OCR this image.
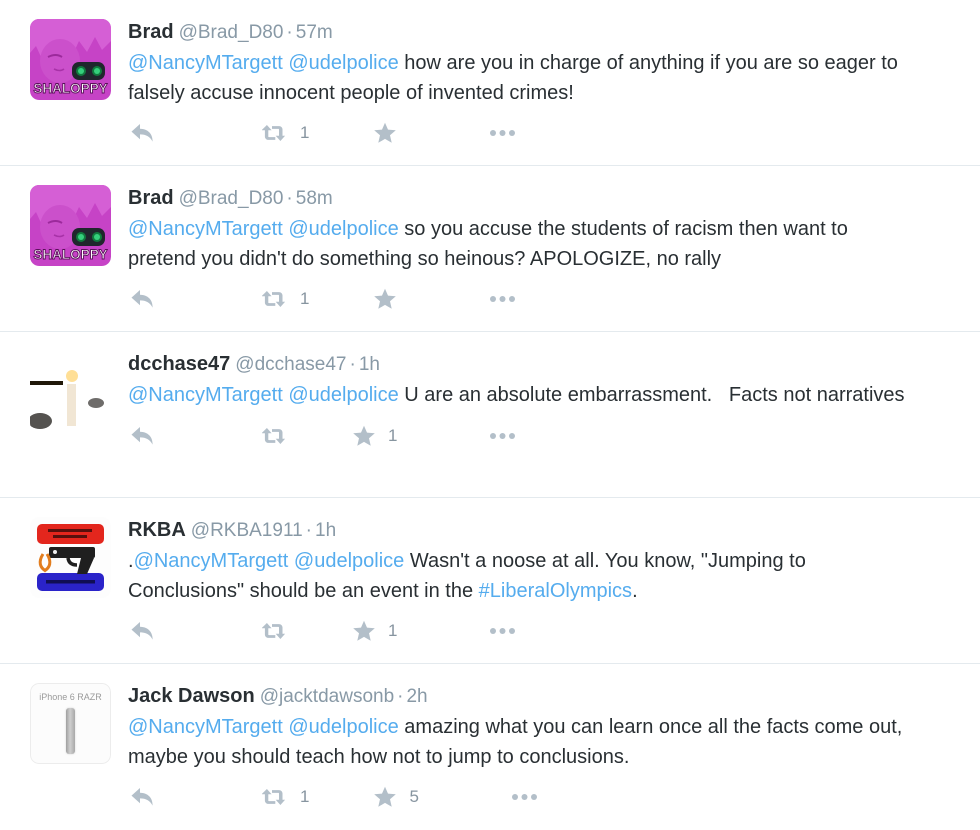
SHALOPPY
Brad @Brad_D80 · 57m
@NancyMTargett @udelpolice how are you in charge of anything if you are so eager to falsely accuse innocent people of invented crimes!
1
SHALOPPY
Brad @Brad_D80 · 58m
@NancyMTargett @udelpolice so you accuse the students of racism then want to pretend you didn't do something so heinous? APOLOGIZE, no rally
1
dcchase47 @dcchase47 · 1h
@NancyMTargett @udelpolice U are an absolute embarrassment.   Facts not narratives
1
RKBA @RKBA1911 · 1h
.@NancyMTargett @udelpolice Wasn't a noose at all. You know, "Jumping to Conclusions" should be an event in the #LiberalOlympics.
1
iPhone 6 RAZR	Jack Dawson @jacktdawsonb · 2h
@NancyMTargett @udelpolice amazing what you can learn once all the facts come out, maybe you should teach how not to jump to conclusions.
1	5
